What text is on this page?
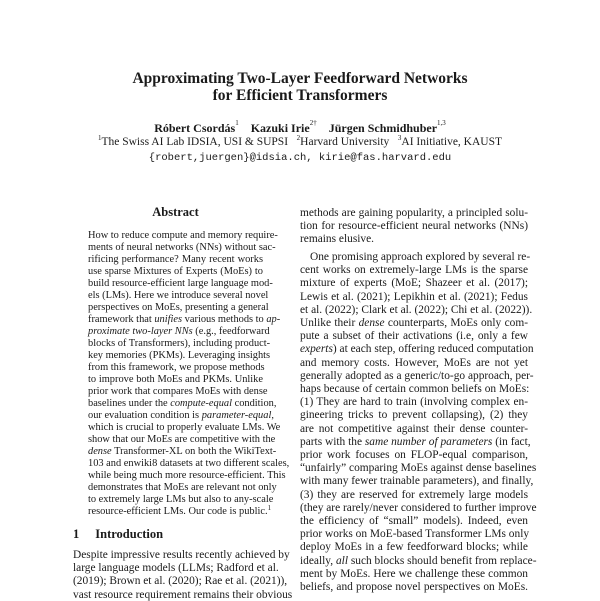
Approximating Two-Layer Feedforward Networks
for Efficient Transformers
Róbert Csordás$^1$ Kazuki Irie$^{2\dagger}$ Jürgen Schmidhuber$^{1,3}$
$^1$The Swiss AI Lab IDSIA, USI & SUPSI $^2$Harvard University $^3$AI Initiative, KAUST
{robert,juergen}@idsia.ch, kirie@fas.harvard.edu
Abstract
How to reduce compute and memory require-
ments of neural networks (NNs) without sac-
rificing performance? Many recent works
use sparse Mixtures of Experts (MoEs) to
build resource-efficient large language mod-
els (LMs). Here we introduce several novel
perspectives on MoEs, presenting a general
framework that unifies various methods to ap-
proximate two-layer NNs (e.g., feedforward
blocks of Transformers), including product-
key memories (PKMs). Leveraging insights
from this framework, we propose methods
to improve both MoEs and PKMs. Unlike
prior work that compares MoEs with dense
baselines under the compute-equal condition,
our evaluation condition is parameter-equal,
which is crucial to properly evaluate LMs. We
show that our MoEs are competitive with the
dense Transformer-XL on both the WikiText-
103 and enwiki8 datasets at two different scales,
while being much more resource-efficient. This
demonstrates that MoEs are relevant not only
to extremely large LMs but also to any-scale
resource-efficient LMs. Our code is public.$^1$
1 Introduction
Despite impressive results recently achieved by
large language models (LLMs; Radford et al.
(2019); Brown et al. (2020); Rae et al. (2021)),
vast resource requirement remains their obvious
methods are gaining popularity, a principled solu-
tion for resource-efficient neural networks (NNs)
remains elusive.
One promising approach explored by several re-
cent works on extremely-large LMs is the sparse
mixture of experts (MoE; Shazeer et al. (2017);
Lewis et al. (2021); Lepikhin et al. (2021); Fedus
et al. (2022); Clark et al. (2022); Chi et al. (2022)).
Unlike their dense counterparts, MoEs only com-
pute a subset of their activations (i.e, only a few
experts) at each step, offering reduced computation
and memory costs. However, MoEs are not yet
generally adopted as a generic/to-go approach, per-
haps because of certain common beliefs on MoEs:
(1) They are hard to train (involving complex en-
gineering tricks to prevent collapsing), (2) they
are not competitive against their dense counter-
parts with the same number of parameters (in fact,
prior work focuses on FLOP-equal comparison,
“unfairly” comparing MoEs against dense baselines
with many fewer trainable parameters), and finally,
(3) they are reserved for extremely large models
(they are rarely/never considered to further improve
the efficiency of “small” models). Indeed, even
prior works on MoE-based Transformer LMs only
deploy MoEs in a few feedforward blocks; while
ideally, all such blocks should benefit from replace-
ment by MoEs. Here we challenge these common
beliefs, and propose novel perspectives on MoEs.
